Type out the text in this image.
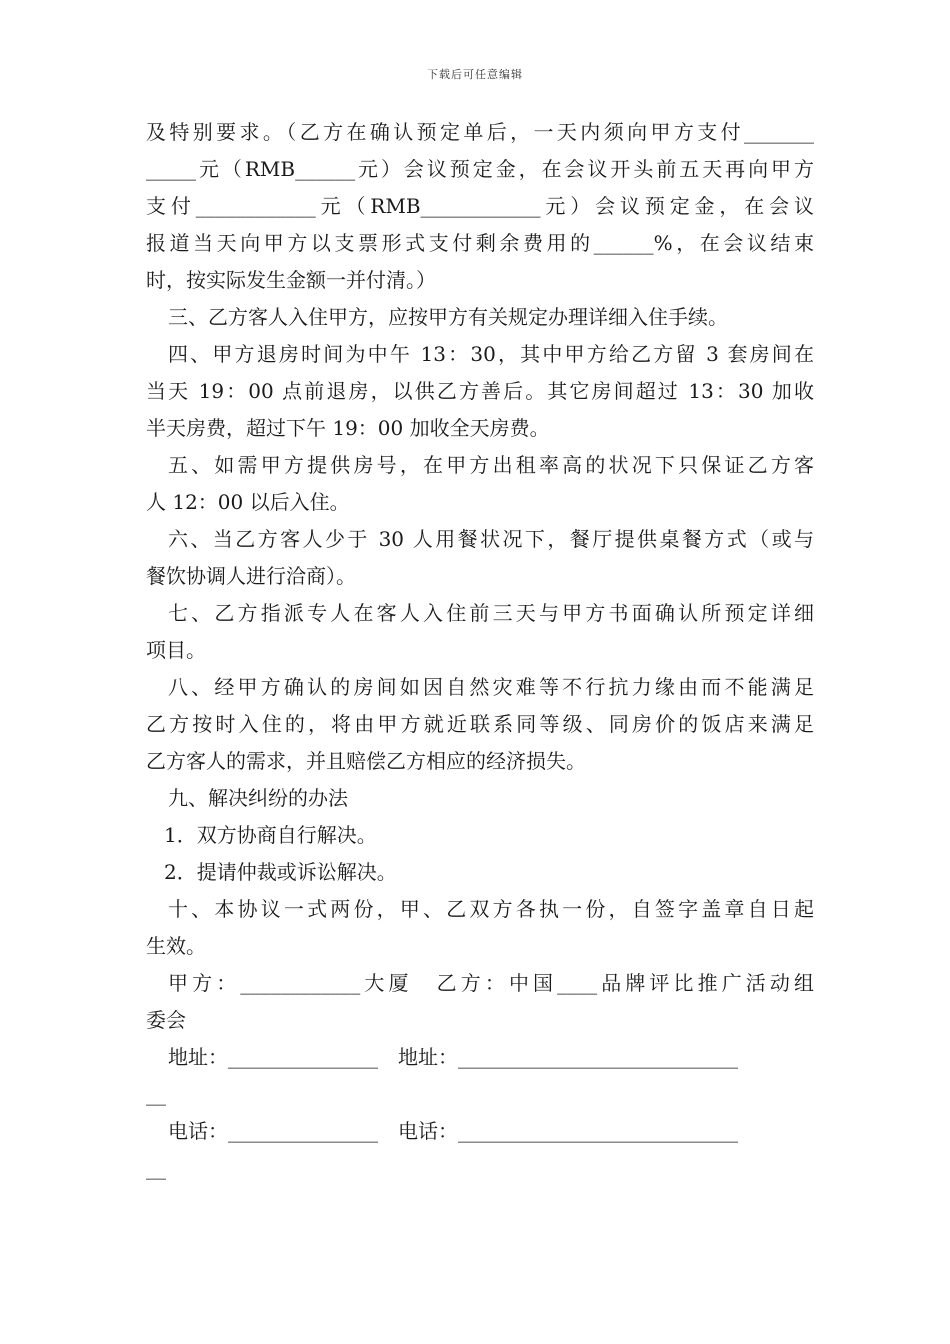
下载后可任意编辑
及特别要求。（乙方在确认预定单后，一天内须向甲方支付_______
_____元（RMB______元）会议预定金，在会议开头前五天再向甲方
支付____________元（RMB____________元）会议预定金，在会议
报道当天向甲方以支票形式支付剩余费用的______%，在会议结束
时，按实际发生金额一并付清。）
三、乙方客人入住甲方，应按甲方有关规定办理详细入住手续。
四、甲方退房时间为中午 13：30，其中甲方给乙方留 3 套房间在
当天 19：00 点前退房，以供乙方善后。其它房间超过 13：30 加收
半天房费，超过下午 19：00 加收全天房费。
五、如需甲方提供房号，在甲方出租率高的状况下只保证乙方客
人 12：00 以后入住。
六、当乙方客人少于 30 人用餐状况下，餐厅提供桌餐方式（或与
餐饮协调人进行洽商）。
七、乙方指派专人在客人入住前三天与甲方书面确认所预定详细
项目。
八、经甲方确认的房间如因自然灾难等不行抗力缘由而不能满足
乙方按时入住的，将由甲方就近联系同等级、同房价的饭店来满足
乙方客人的需求，并且赔偿乙方相应的经济损失。
九、解决纠纷的办法
1．双方协商自行解决。
2．提请仲裁或诉讼解决。
十、本协议一式两份，甲、乙双方各执一份，自签字盖章自日起
生效。
甲方：____________大厦　乙方：中国____品牌评比推广活动组
委会
地址：_______________　地址：____________________________
__
电话：_______________　电话：____________________________
__
